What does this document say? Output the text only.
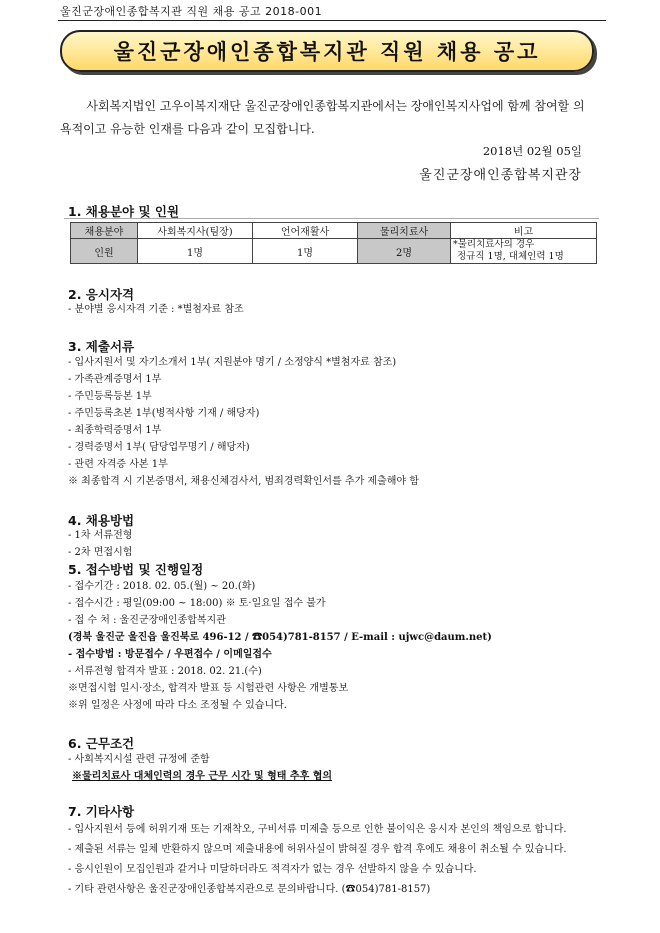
울진군장애인종합복지관 직원 채용 공고 2018-001
울진군장애인종합복지관 직원 채용 공고
사회복지법인 고우이복지재단 울진군장애인종합복지관에서는 장애인복지사업에 함께 참여할 의욕적이고 유능한 인재를 다음과 같이 모집합니다.
2018년 02월 05일
울진군장애인종합복지관장
1. 채용분야 및 인원
채용분야	사회복지사(팀장)	언어재활사	물리치료사	비고
인원	1명	1명	2명	*물리치료사의 경우
정규직 1명, 대체인력 1명
2. 응시자격
- 분야별 응시자격 기준 : *별첨자료 참조
3. 제출서류
- 입사지원서 및 자기소개서 1부( 지원분야 명기 / 소정양식 *별첨자료 참조)
- 가족관계증명서 1부
- 주민등록등본 1부
- 주민등록초본 1부(병적사항 기재 / 해당자)
- 최종학력증명서 1부
- 경력증명서 1부( 담당업무명기 / 해당자)
- 관련 자격증 사본 1부
※ 최종합격 시 기본증명서, 채용신체검사서, 범죄경력확인서를 추가 제출해야 함
4. 채용방법
- 1차 서류전형
- 2차 면접시험
5. 접수방법 및 진행일정
- 접수기간 : 2018. 02. 05.(월) ~ 20.(화)
- 접수시간 : 평일(09:00 ~ 18:00) ※ 토·일요일 접수 불가
- 접 수 처 : 울진군장애인종합복지관
(경북 울진군 울진읍 울진북로 496-12 / ☎054)781-8157 / E-mail : ujwc@daum.net)
- 접수방법 : 방문접수 / 우편접수 / 이메일접수
- 서류전형 합격자 발표 : 2018. 02. 21.(수)
※면접시험 일시·장소, 합격자 발표 등 시험관련 사항은 개별통보
※위 일정은 사정에 따라 다소 조정될 수 있습니다.
6. 근무조건
- 사회복지시설 관련 규정에 준함
※물리치료사 대체인력의 경우 근무 시간 및 형태 추후 협의
7. 기타사항
- 입사지원서 등에 허위기재 또는 기재착오, 구비서류 미제출 등으로 인한 불이익은 응시자 본인의 책임으로 합니다.
- 제출된 서류는 일체 반환하지 않으며 제출내용에 허위사실이 밝혀질 경우 합격 후에도 채용이 취소될 수 있습니다.
- 응시인원이 모집인원과 같거나 미달하더라도 적격자가 없는 경우 선발하지 않을 수 있습니다.
- 기타 관련사항은 울진군장애인종합복지관으로 문의바랍니다. (☎054)781-8157)
